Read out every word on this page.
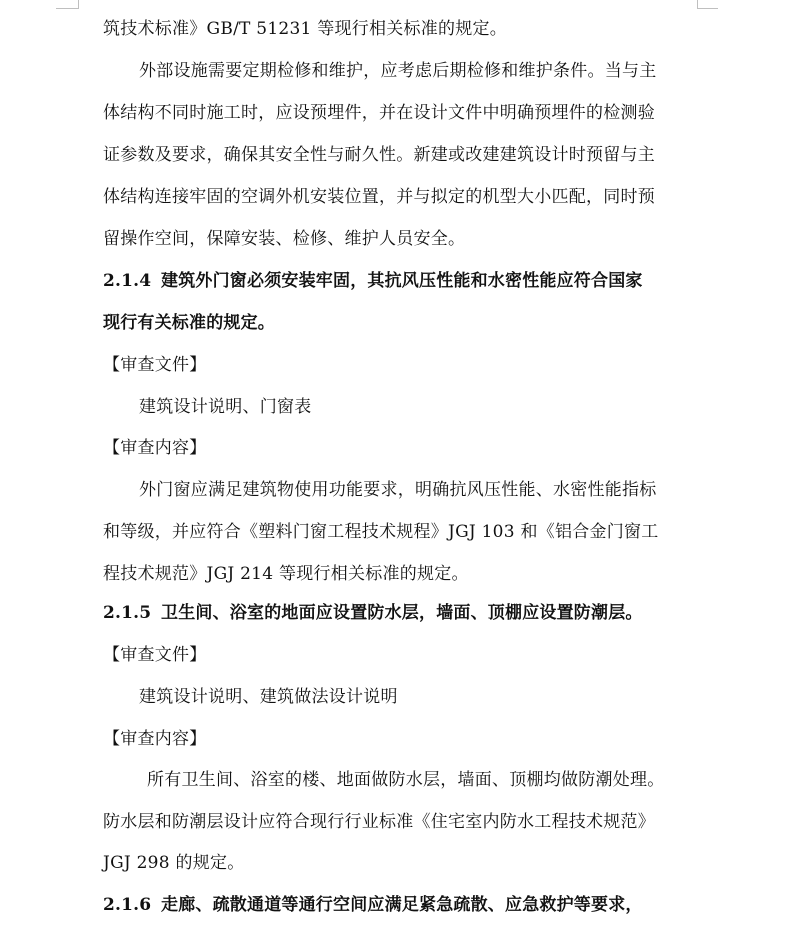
筑技术标准》GB/T 51231 等现行相关标准的规定。
外部设施需要定期检修和维护，应考虑后期检修和维护条件。当与主
体结构不同时施工时，应设预埋件，并在设计文件中明确预埋件的检测验
证参数及要求，确保其安全性与耐久性。新建或改建建筑设计时预留与主
体结构连接牢固的空调外机安装位置，并与拟定的机型大小匹配，同时预
留操作空间，保障安装、检修、维护人员安全。
2.1.4 建筑外门窗必须安装牢固，其抗风压性能和水密性能应符合国家
现行有关标准的规定。
【审查文件】
建筑设计说明、门窗表
【审查内容】
外门窗应满足建筑物使用功能要求，明确抗风压性能、水密性能指标
和等级，并应符合《塑料门窗工程技术规程》JGJ 103 和《铝合金门窗工
程技术规范》JGJ 214 等现行相关标准的规定。
2.1.5 卫生间、浴室的地面应设置防水层，墙面、顶棚应设置防潮层。
【审查文件】
建筑设计说明、建筑做法设计说明
【审查内容】
所有卫生间、浴室的楼、地面做防水层，墙面、顶棚均做防潮处理。
防水层和防潮层设计应符合现行行业标准《住宅室内防水工程技术规范》
JGJ 298 的规定。
2.1.6 走廊、疏散通道等通行空间应满足紧急疏散、应急救护等要求，
